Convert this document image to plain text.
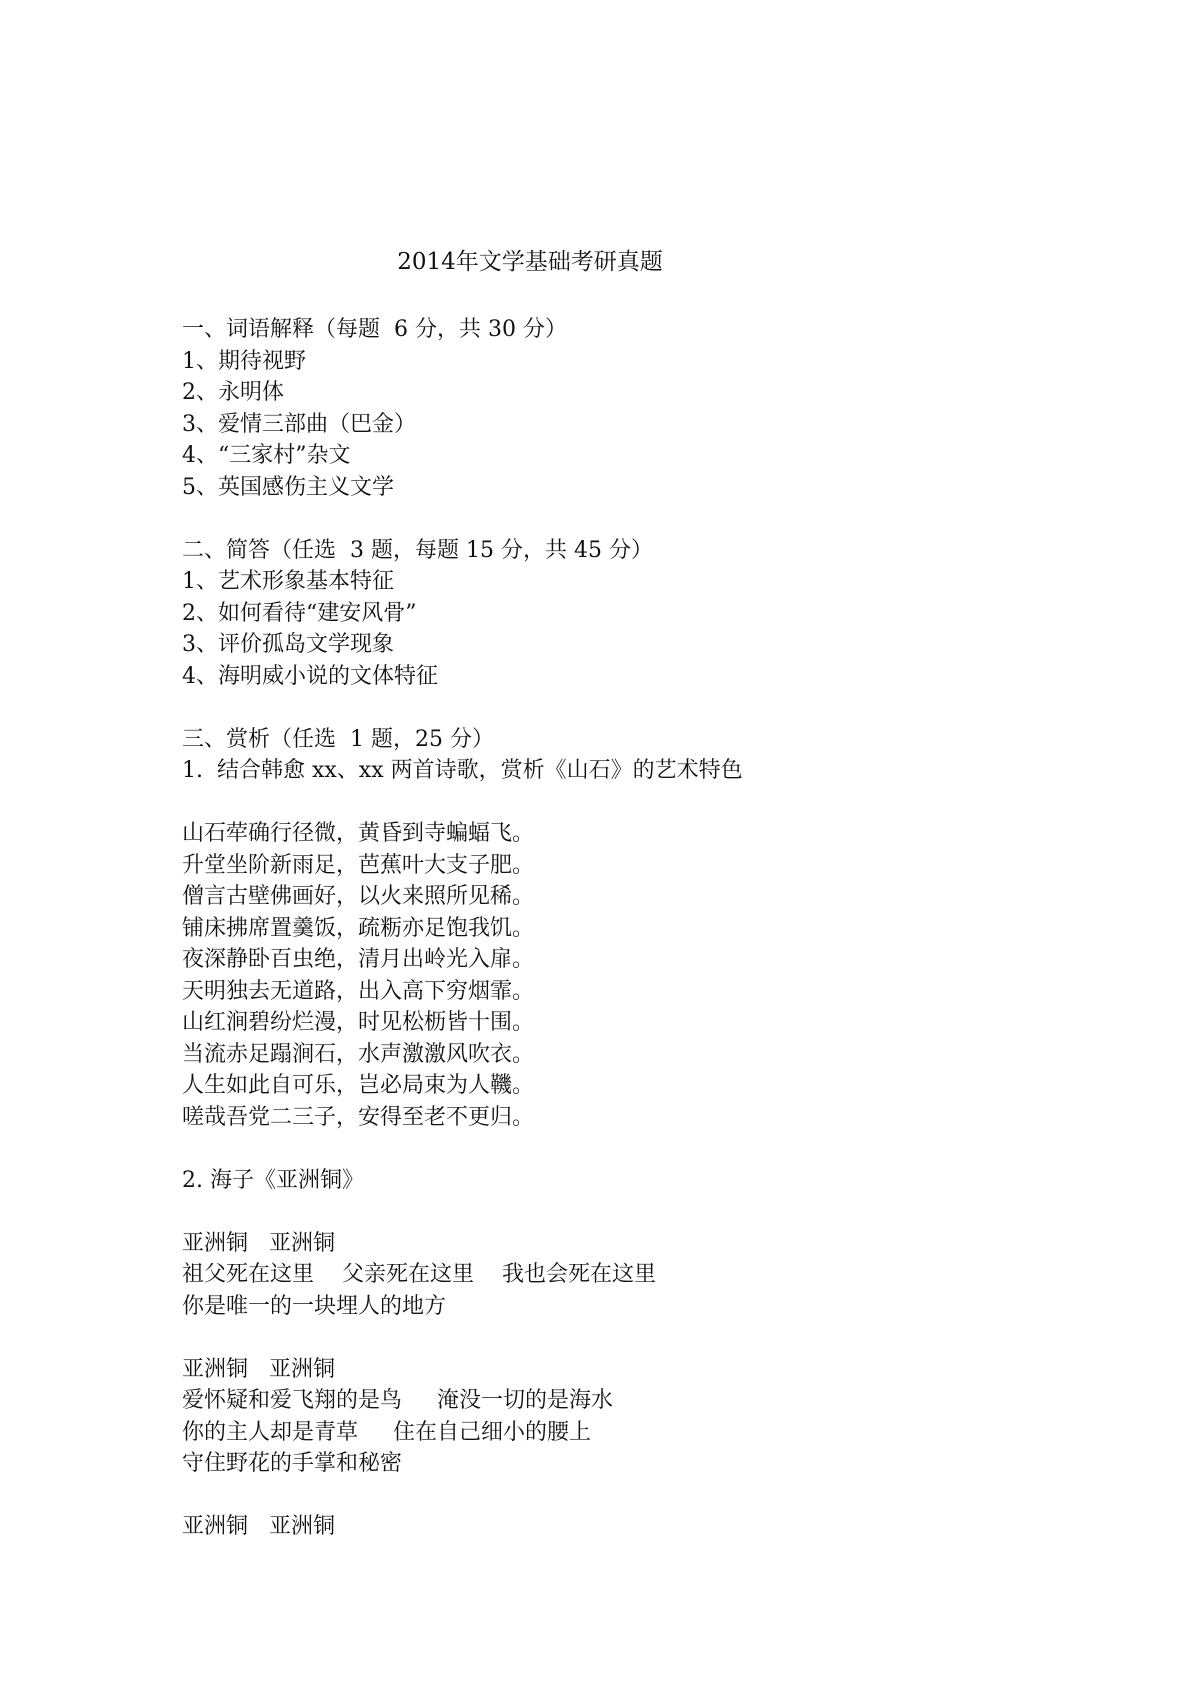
2014年文学基础考研真题
一、词语解释（每题  6 分，共 30 分）
1、期待视野
2、永明体
3、爱情三部曲（巴金）
4、“三家村”杂文
5、英国感伤主义文学
二、简答（任选  3 题，每题 15 分，共 45 分）
1、艺术形象基本特征
2、如何看待“建安风骨”
3、评价孤岛文学现象
4、海明威小说的文体特征
三、赏析（任选  1 题，25 分）
1.  结合韩愈 xx、xx 两首诗歌，赏析《山石》的艺术特色
山石荦确行径微，黄昏到寺蝙蝠飞。
升堂坐阶新雨足，芭蕉叶大支子肥。
僧言古壁佛画好，以火来照所见稀。
铺床拂席置羹饭，疏粝亦足饱我饥。
夜深静卧百虫绝，清月出岭光入扉。
天明独去无道路，出入高下穷烟霏。
山红涧碧纷烂漫，时见松枥皆十围。
当流赤足蹋涧石，水声激激风吹衣。
人生如此自可乐，岂必局束为人鞿。
嗟哉吾党二三子，安得至老不更归。
2. 海子《亚洲铜》
亚洲铜   亚洲铜
祖父死在这里    父亲死在这里    我也会死在这里
你是唯一的一块埋人的地方
亚洲铜   亚洲铜
爱怀疑和爱飞翔的是鸟     淹没一切的是海水
你的主人却是青草     住在自己细小的腰上
守住野花的手掌和秘密
亚洲铜   亚洲铜
